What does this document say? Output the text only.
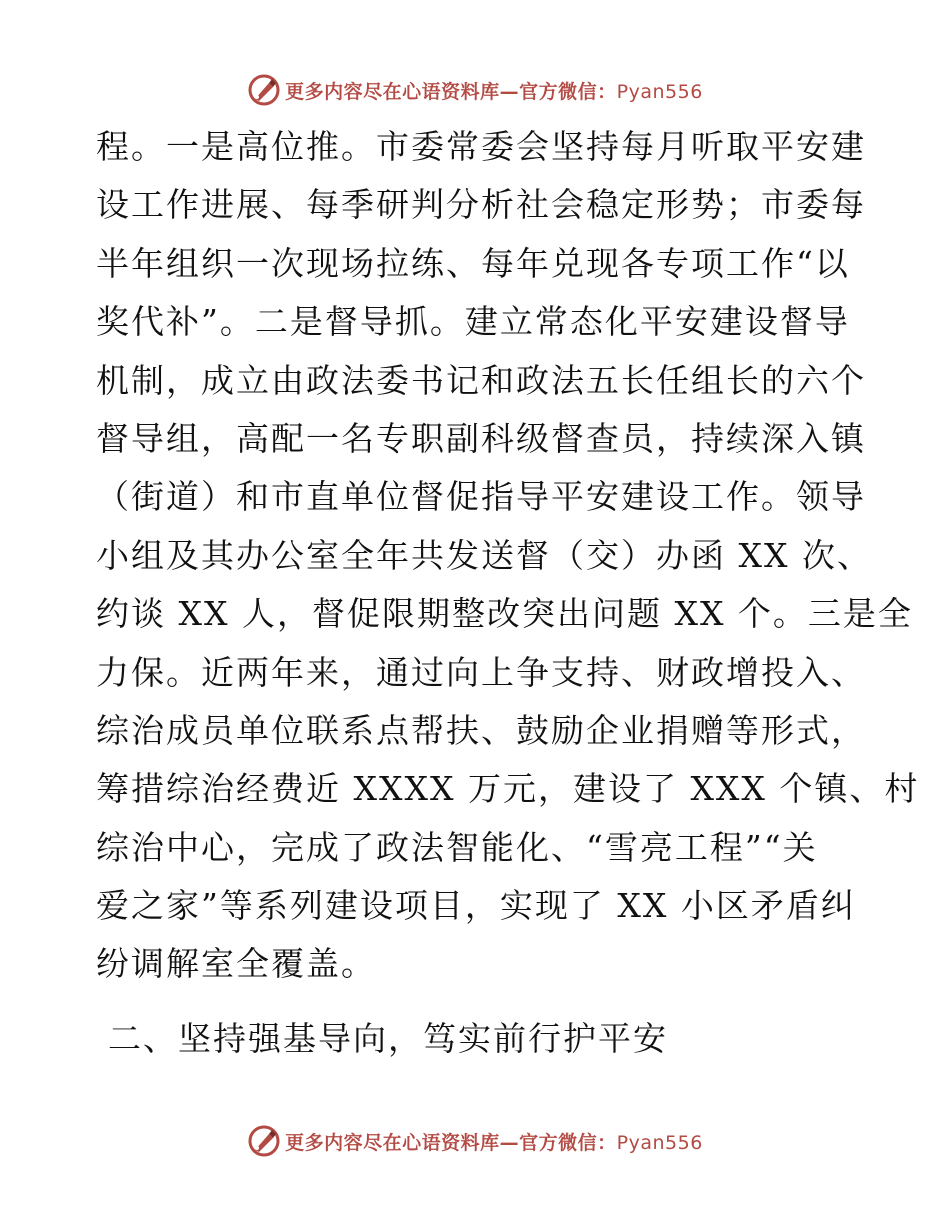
更多内容尽在心语资料库—官方微信：Pyan556
程。一是高位推。市委常委会坚持每月听取平安建
设工作进展、每季研判分析社会稳定形势；市委每
半年组织一次现场拉练、每年兑现各专项工作“以
奖代补”。二是督导抓。建立常态化平安建设督导
机制，成立由政法委书记和政法五长任组长的六个
督导组，高配一名专职副科级督查员，持续深入镇
（街道）和市直单位督促指导平安建设工作。领导
小组及其办公室全年共发送督（交）办函 XX 次、
约谈 XX 人，督促限期整改突出问题 XX 个。三是全
力保。近两年来，通过向上争支持、财政增投入、
综治成员单位联系点帮扶、鼓励企业捐赠等形式，
筹措综治经费近 XXXX 万元，建设了 XXX 个镇、村
综治中心，完成了政法智能化、“雪亮工程”“关
爱之家”等系列建设项目，实现了 XX 小区矛盾纠
纷调解室全覆盖。
二、坚持强基导向，笃实前行护平安
更多内容尽在心语资料库—官方微信：Pyan556
